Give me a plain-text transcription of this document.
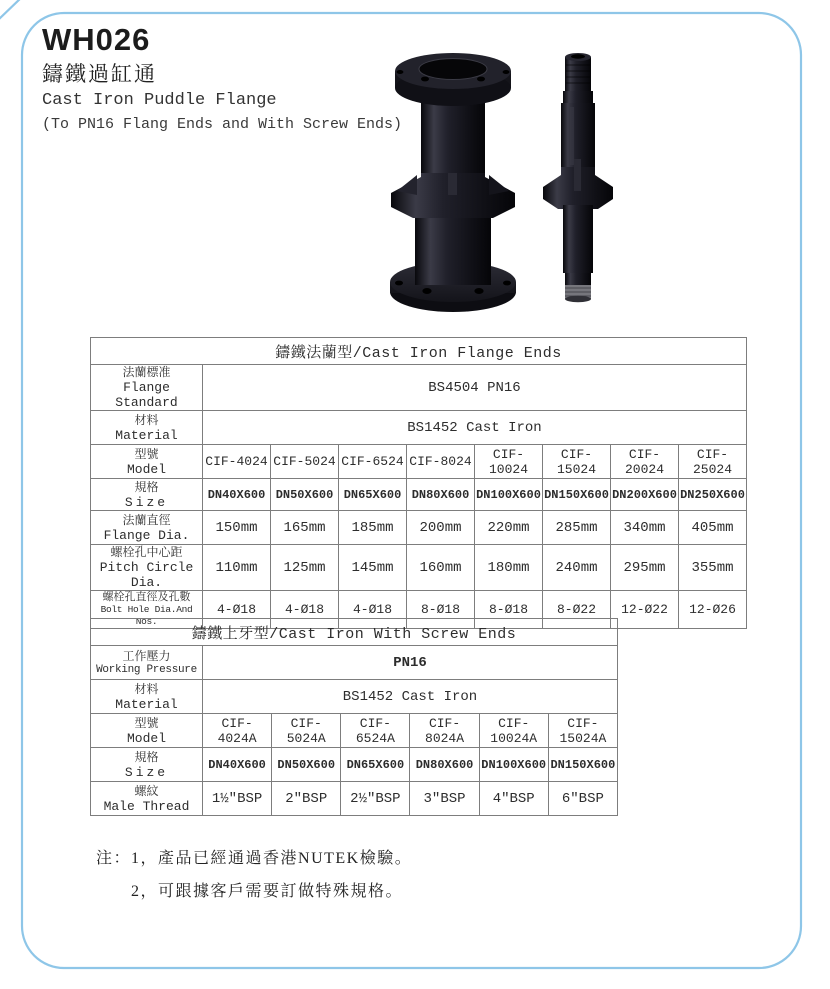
WH026
鑄鐵過缸通
Cast Iron Puddle Flange
(To PN16 Flang Ends and With Screw Ends)
鑄鐵法蘭型/Cast Iron Flange Ends								

法蘭標准
Flange Standard	BS4504 PN16							

材料
Material	BS1452 Cast Iron							

型號
Model	CIF-4024	CIF-5024	CIF-6524	CIF-8024	CIF-10024	CIF-15024	CIF-20024	CIF-25024

規格
Size	DN40X600	DN50X600	DN65X600	DN80X600	DN100X600	DN150X600	DN200X600	DN250X600

法蘭直徑
Flange Dia.	150mm	165mm	185mm	200mm	220mm	285mm	340mm	405mm

螺栓孔中心距
Pitch Circle Dia.	110mm	125mm	145mm	160mm	180mm	240mm	295mm	355mm

螺栓孔直徑及孔數
Bolt Hole Dia.And Nos.	4-Ø18	4-Ø18	4-Ø18	8-Ø18	8-Ø18	8-Ø22	12-Ø22	12-Ø26
鑄鐵上牙型/Cast Iron With Screw Ends						

工作壓力
Working Pressure	PN16					

材料
Material	BS1452 Cast Iron					

型號
Model	CIF-4024A	CIF-5024A	CIF-6524A	CIF-8024A	CIF-10024A	CIF-15024A

規格
Size	DN40X600	DN50X600	DN65X600	DN80X600	DN100X600	DN150X600

螺紋
Male Thread	1½″BSP	2″BSP	2½″BSP	3″BSP	4″BSP	6″BSP
注：1，產品已經通過香港NUTEK檢驗。
2，可跟據客戶需要訂做特殊規格。
